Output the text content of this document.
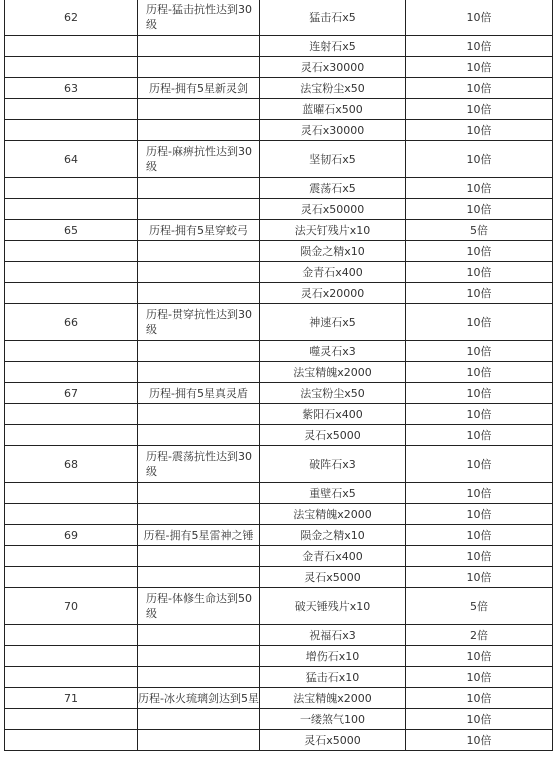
62	历程-猛击抗性达到30级	猛击石x5	10倍
		连射石x5	10倍
		灵石x30000	10倍
63	历程-拥有5星新灵剑	法宝粉尘x50	10倍
		蓝曜石x500	10倍
		灵石x30000	10倍
64	历程-麻痹抗性达到30级	坚韧石x5	10倍
		震荡石x5	10倍
		灵石x50000	10倍
65	历程-拥有5星穿蛟弓	法天钉残片x10	5倍
		陨金之精x10	10倍
		金青石x400	10倍
		灵石x20000	10倍
66	历程-贯穿抗性达到30级	神速石x5	10倍
		噬灵石x3	10倍
		法宝精魄x2000	10倍
67	历程-拥有5星真灵盾	法宝粉尘x50	10倍
		紫阳石x400	10倍
		灵石x5000	10倍
68	历程-震荡抗性达到30级	破阵石x3	10倍
		重壁石x5	10倍
		法宝精魄x2000	10倍
69	历程-拥有5星雷神之锤	陨金之精x10	10倍
		金青石x400	10倍
		灵石x5000	10倍
70	历程-体修生命达到50级	破天锤残片x10	5倍
		祝福石x3	2倍
		增伤石x10	10倍
		猛击石x10	10倍
71	历程-冰火琉璃剑达到5星	法宝精魄x2000	10倍
		一缕煞气100	10倍
		灵石x5000	10倍
